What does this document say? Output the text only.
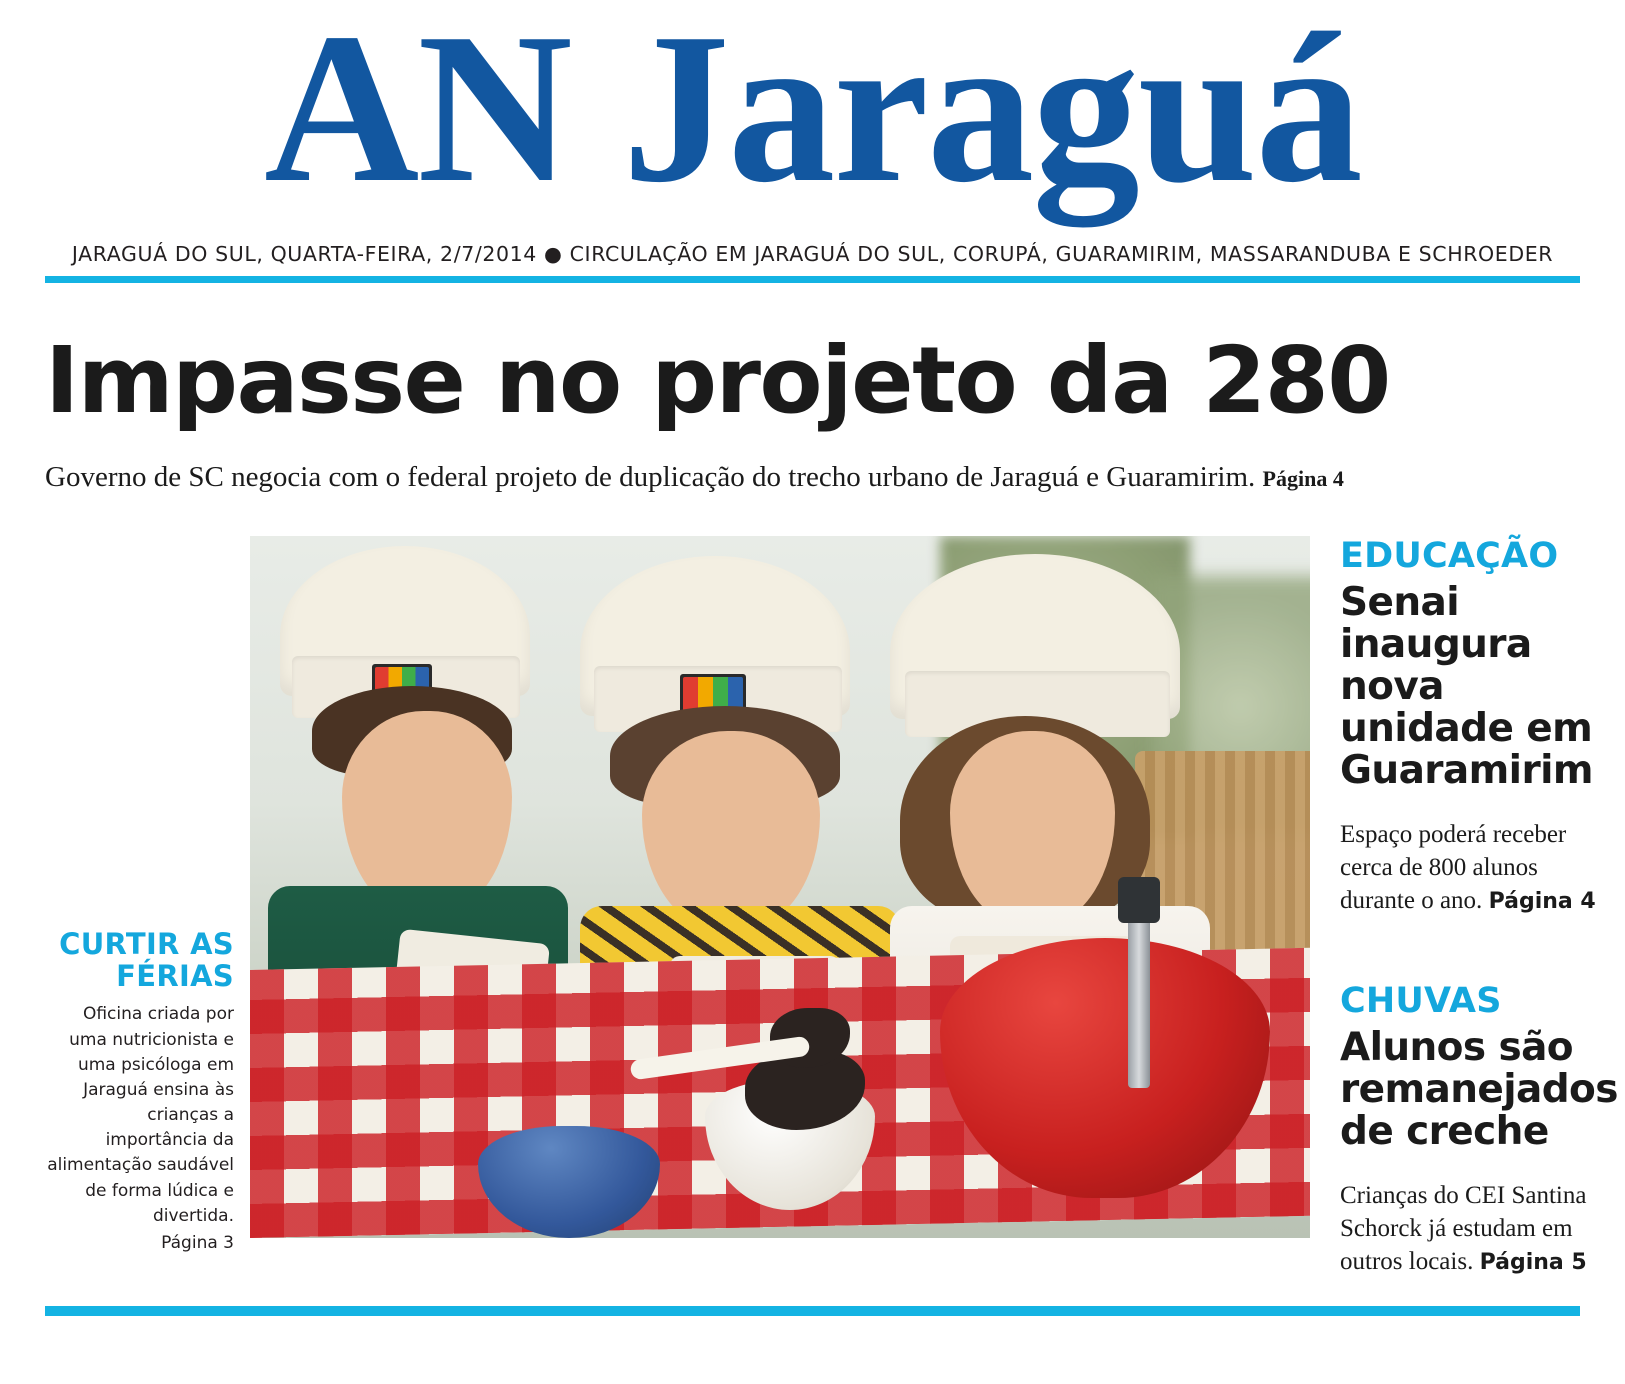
AN Jaraguá
JARAGUÁ DO SUL, QUARTA-FEIRA, 2/7/2014 ● CIRCULAÇÃO EM JARAGUÁ DO SUL, CORUPÁ, GUARAMIRIM, MASSARANDUBA E SCHROEDER
Impasse no projeto da 280
Governo de SC negocia com o federal projeto de duplicação do trecho urbano de Jaraguá e Guaramirim. Página 4
CURTIR AS FÉRIAS
Oficina criada por uma nutricionista e uma psicóloga em Jaraguá ensina às crianças a importância da alimentação saudável de forma lúdica e divertida.
Página 3
EDUCAÇÃO
Senai inaugura nova unidade em Guaramirim
Espaço poderá receber cerca de 800 alunos durante o ano. Página 4
CHUVAS
Alunos são remanejados de creche
Crianças do CEI Santina Schorck já estudam em outros locais. Página 5
